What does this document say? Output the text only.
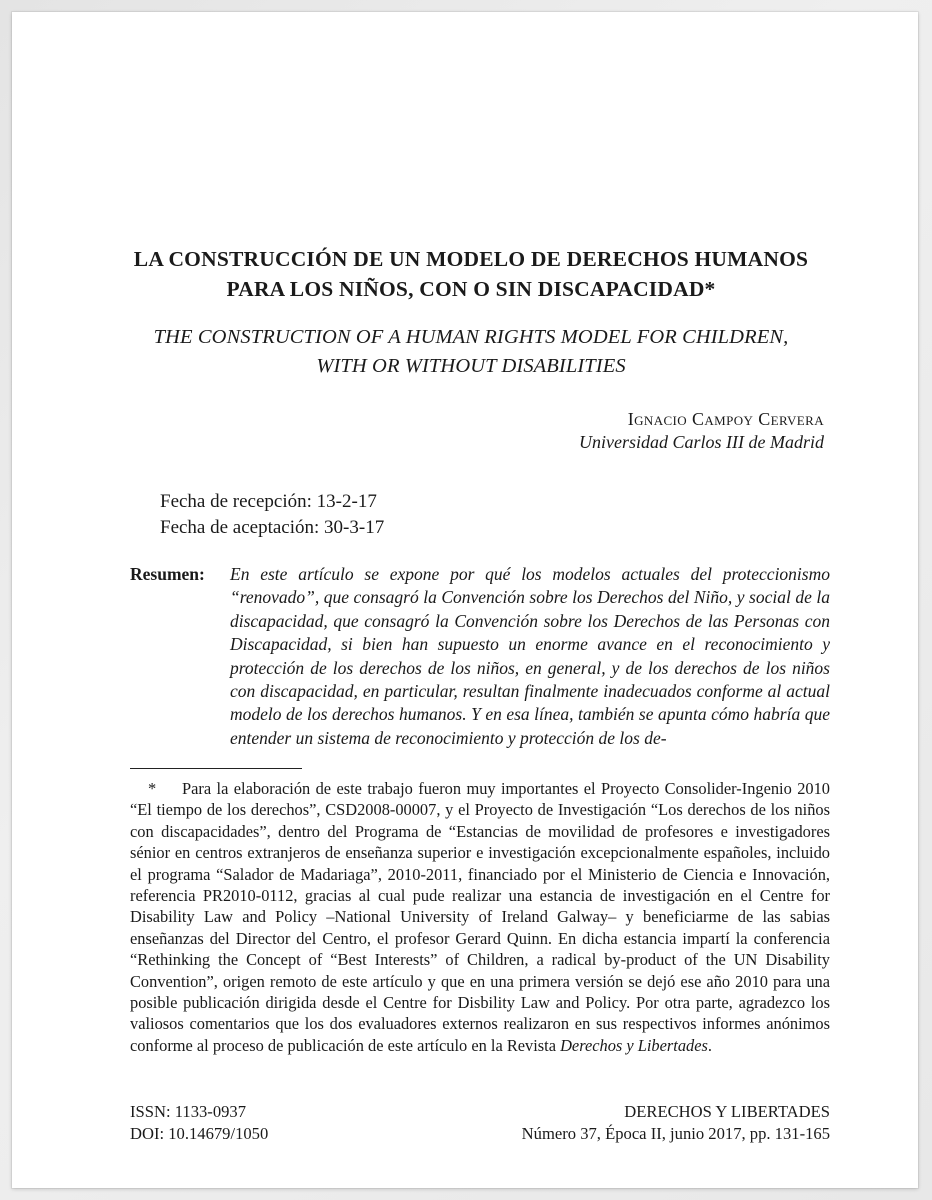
LA CONSTRUCCIÓN DE UN MODELO DE DERECHOS HUMANOS
PARA LOS NIÑOS, CON O SIN DISCAPACIDAD*
THE CONSTRUCTION OF A HUMAN RIGHTS MODEL FOR CHILDREN,
WITH OR WITHOUT DISABILITIES
Ignacio Campoy Cervera
Universidad Carlos III de Madrid
Fecha de recepción: 13-2-17
Fecha de aceptación: 30-3-17
Resumen: En este artículo se expone por qué los modelos actuales del proteccionismo “renovado”, que consagró la Convención sobre los Derechos del Niño, y social de la discapacidad, que consagró la Convención sobre los Derechos de las Personas con Discapacidad, si bien han supuesto un enorme avance en el reconocimiento y protección de los derechos de los niños, en general, y de los derechos de los niños con discapacidad, en particular, resultan finalmente inadecuados conforme al actual modelo de los derechos humanos. Y en esa línea, también se apunta cómo habría que entender un sistema de reconocimiento y protección de los de-
* Para la elaboración de este trabajo fueron muy importantes el Proyecto Consolider-Ingenio 2010 “El tiempo de los derechos”, CSD2008-00007, y el Proyecto de Investigación “Los derechos de los niños con discapacidades”, dentro del Programa de “Estancias de movilidad de profesores e investigadores sénior en centros extranjeros de enseñanza superior e investigación excepcionalmente españoles, incluido el programa “Salador de Madariaga”, 2010-2011, financiado por el Ministerio de Ciencia e Innovación, referencia PR2010-0112, gracias al cual pude realizar una estancia de investigación en el Centre for Disability Law and Policy –National University of Ireland Galway– y beneficiarme de las sabias enseñanzas del Director del Centro, el profesor Gerard Quinn. En dicha estancia impartí la conferencia “Rethinking the Concept of “Best Interests” of Children, a radical by-product of the UN Disability Convention”, origen remoto de este artículo y que en una primera versión se dejó ese año 2010 para una posible publicación dirigida desde el Centre for Disbility Law and Policy. Por otra parte, agradezco los valiosos comentarios que los dos evaluadores externos realizaron en sus respectivos informes anónimos conforme al proceso de publicación de este artículo en la Revista Derechos y Libertades.
ISSN: 1133-0937
DOI: 10.14679/1050
DERECHOS Y LIBERTADES
Número 37, Época II, junio 2017, pp. 131-165
